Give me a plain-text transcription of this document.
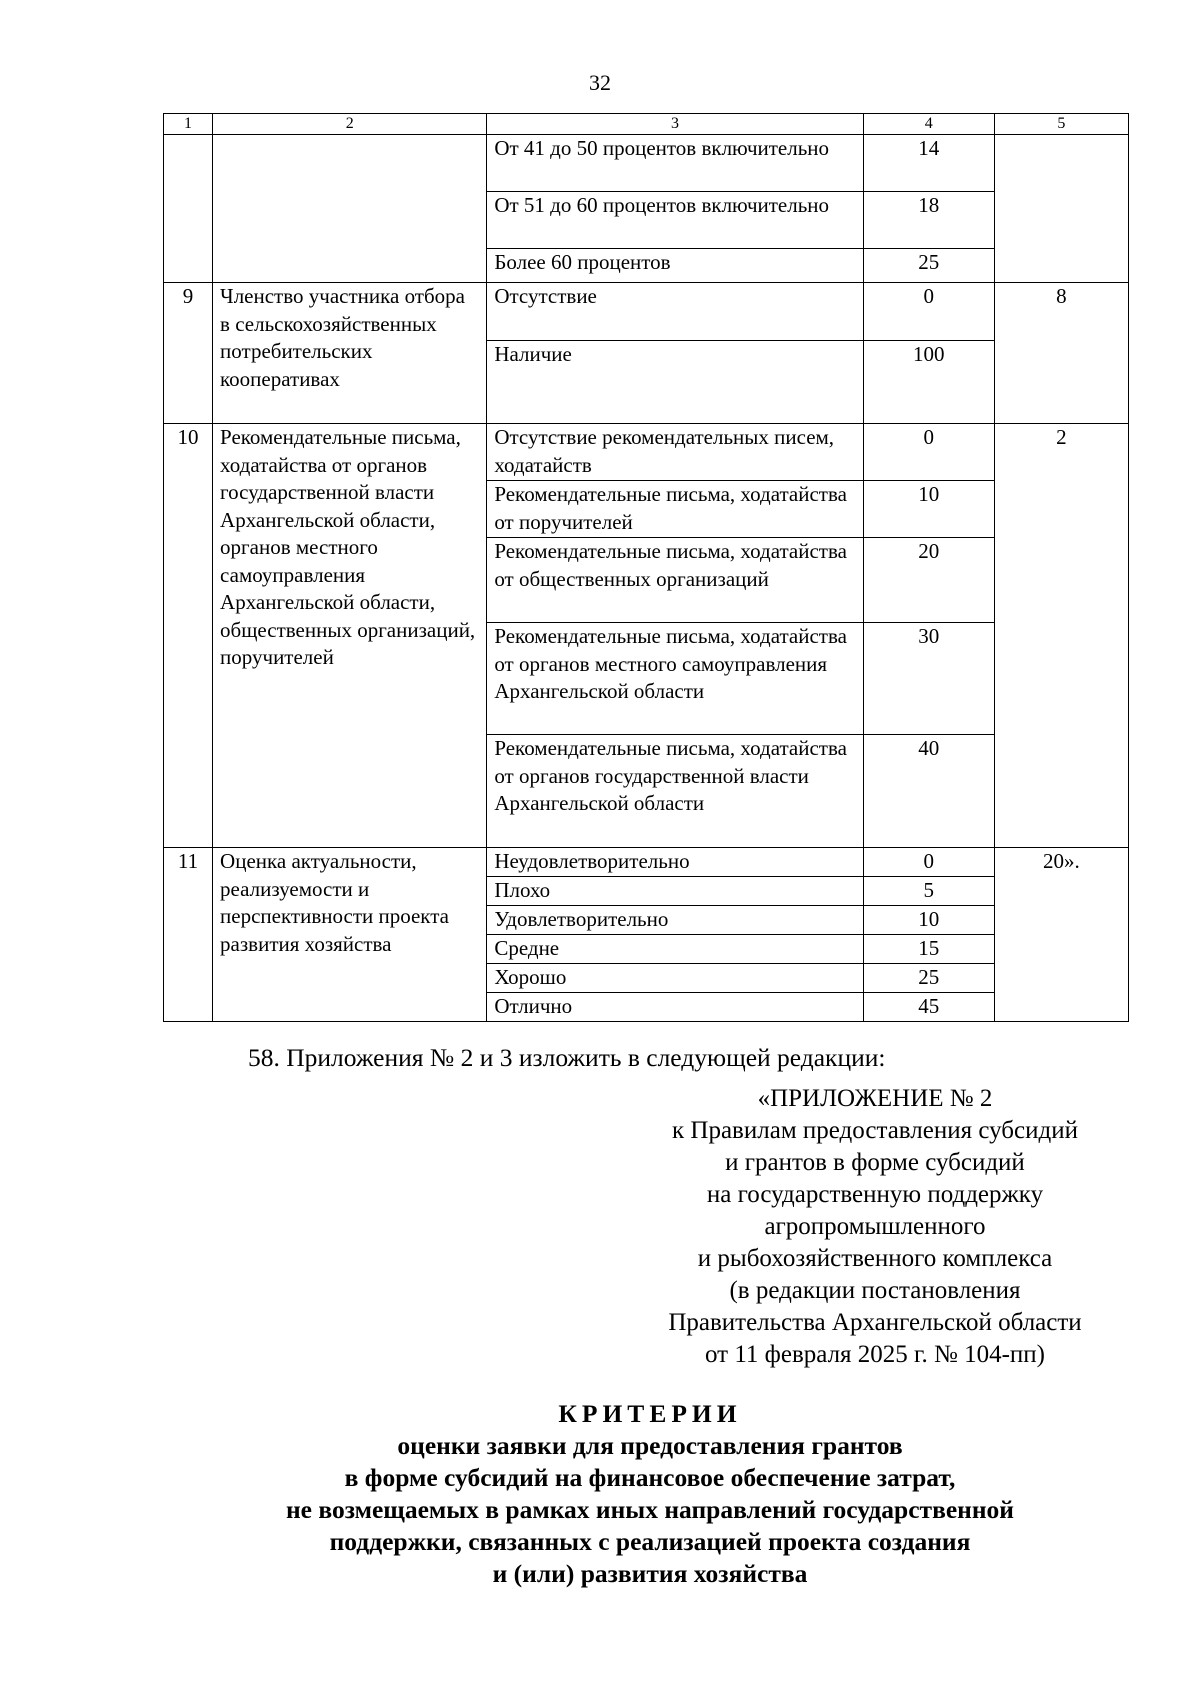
32
1	2	3	4	5
		От 41 до 50 процентов включительно	14	
		От 51 до 60 процентов включительно	18	
		Более 60 процентов	25	
9	Членство участника отбора в сельскохозяйственных потребительских кооперативах	Отсутствие	0	8
		Наличие	100	
10	Рекомендательные письма, ходатайства от органов государственной власти Архангельской области, органов местного самоуправления Архангельской области, общественных организаций, поручителей	Отсутствие рекомендательных писем, ходатайств	0	2
		Рекомендательные письма, ходатайства от поручителей	10	
		Рекомендательные письма, ходатайства от общественных организаций	20	
		Рекомендательные письма, ходатайства от органов местного самоуправления Архангельской области	30	
		Рекомендательные письма, ходатайства от органов государственной власти Архангельской области	40	
11	Оценка актуальности, реализуемости и перспективности проекта развития хозяйства	Неудовлетворительно	0	20».
		Плохо	5	
		Удовлетворительно	10	
		Средне	15	
		Хорошо	25	
		Отлично	45	
58. Приложения № 2 и 3 изложить в следующей редакции:
«ПРИЛОЖЕНИЕ № 2
к Правилам предоставления субсидий
и грантов в форме субсидий
на государственную поддержку
агропромышленного
и рыбохозяйственного комплекса
(в редакции постановления
Правительства Архангельской области
от 11 февраля 2025 г. № 104-пп)
КРИТЕРИИ
оценки заявки для предоставления грантов
в форме субсидий на финансовое обеспечение затрат,
не возмещаемых в рамках иных направлений государственной
поддержки, связанных с реализацией проекта создания
и (или) развития хозяйства
